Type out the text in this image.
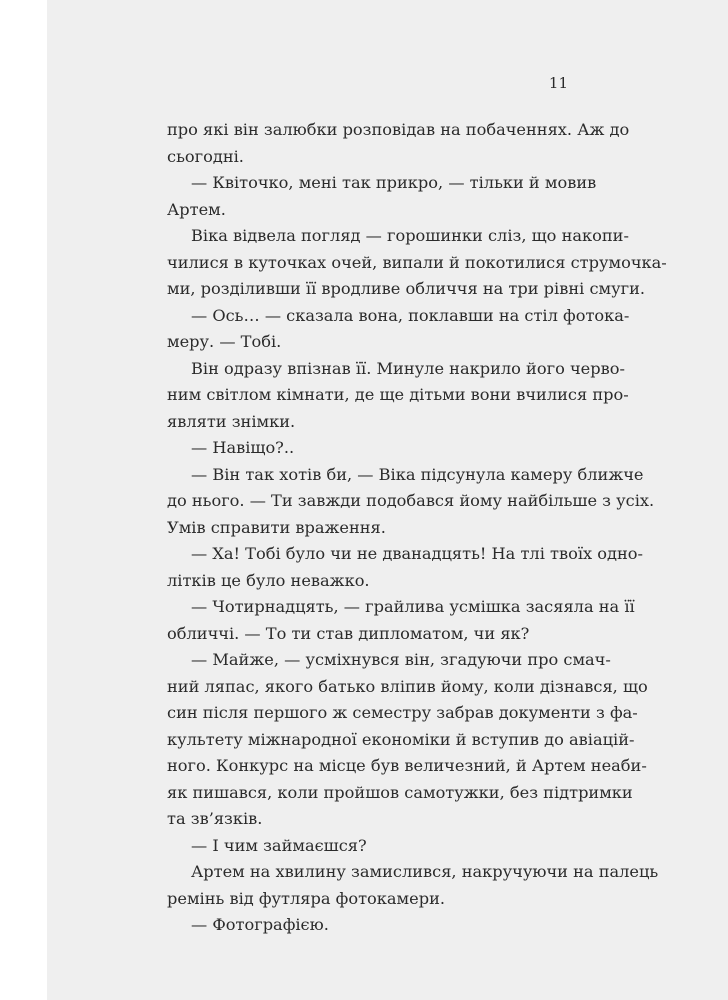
11
про які він залюбки розповідав на побаченнях. Аж до
сьогодні.
— Квіточко, мені так прикро, — тільки й мовив
Артем.
Віка відвела погляд — горошинки сліз, що накопи-
чилися в куточках очей, випали й покотилися струмочка-
ми, розділивши її вродливе обличчя на три рівні смуги.
— Ось… — сказала вона, поклавши на стіл фотока-
меру. — Тобі.
Він одразу впізнав її. Минуле накрило його черво-
ним світлом кімнати, де ще дітьми вони вчилися про-
являти знімки.
— Навіщо?..
— Він так хотів би, — Віка підсунула камеру ближче
до нього. — Ти завжди подобався йому найбільше з усіх.
Умів справити враження.
— Ха! Тобі було чи не дванадцять! На тлі твоїх одно-
літків це було неважко.
— Чотирнадцять, — грайлива усмішка засяяла на її
обличчі. — То ти став дипломатом, чи як?
— Майже, — усміхнувся він, згадуючи про смач-
ний ляпас, якого батько вліпив йому, коли дізнався, що
син після першого ж семестру забрав документи з фа-
культету міжнародної економіки й вступив до авіацій-
ного. Конкурс на місце був величезний, й Артем неаби-
як пишався, коли пройшов самотужки, без підтримки
та зв’язків.
— І чим займаєшся?
Артем на хвилину замислився, накручуючи на палець
ремінь від футляра фотокамери.
— Фотографією.
